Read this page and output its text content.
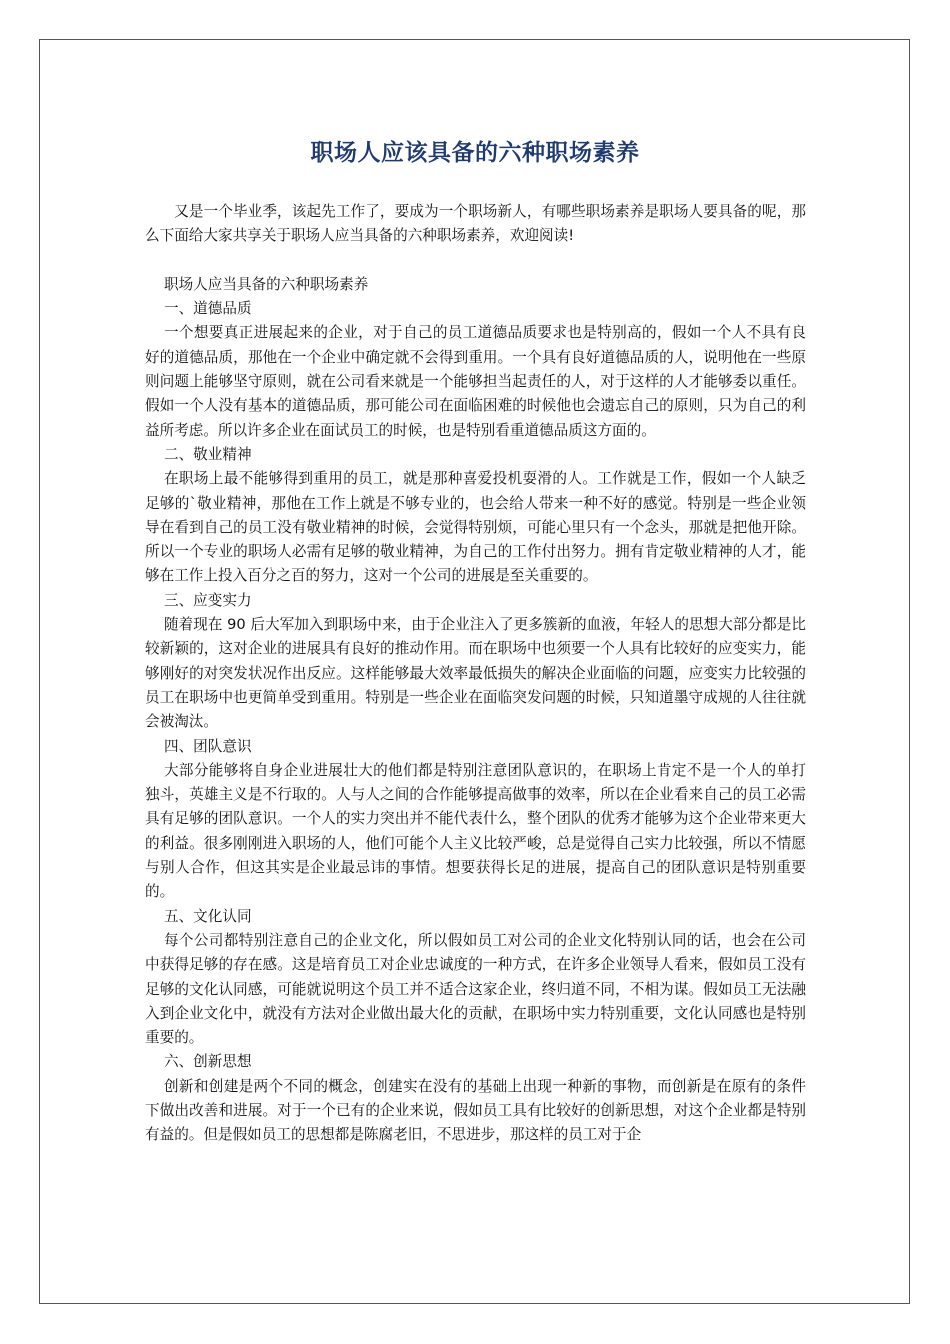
职场人应该具备的六种职场素养

又是一个毕业季，该起先工作了，要成为一个职场新人，有哪些职场素养是职场人要具备的呢，那么下面给大家共享关于职场人应当具备的六种职场素养，欢迎阅读!

职场人应当具备的六种职场素养

一、道德品质

一个想要真正进展起来的企业，对于自己的员工道德品质要求也是特别高的，假如一个人不具有良好的道德品质，那他在一个企业中确定就不会得到重用。一个具有良好道德品质的人，说明他在一些原则问题上能够坚守原则，就在公司看来就是一个能够担当起责任的人，对于这样的人才能够委以重任。假如一个人没有基本的道德品质，那可能公司在面临困难的时候他也会遗忘自己的原则，只为自己的利益所考虑。所以许多企业在面试员工的时候，也是特别看重道德品质这方面的。

二、敬业精神

在职场上最不能够得到重用的员工，就是那种喜爱投机耍滑的人。工作就是工作，假如一个人缺乏足够的`敬业精神，那他在工作上就是不够专业的，也会给人带来一种不好的感觉。特别是一些企业领导在看到自己的员工没有敬业精神的时候，会觉得特别烦，可能心里只有一个念头，那就是把他开除。所以一个专业的职场人必需有足够的敬业精神，为自己的工作付出努力。拥有肯定敬业精神的人才，能够在工作上投入百分之百的努力，这对一个公司的进展是至关重要的。

三、应变实力

随着现在 90 后大军加入到职场中来，由于企业注入了更多簇新的血液，年轻人的思想大部分都是比较新颖的，这对企业的进展具有良好的推动作用。而在职场中也须要一个人具有比较好的应变实力，能够刚好的对突发状况作出反应。这样能够最大效率最低损失的解决企业面临的问题，应变实力比较强的员工在职场中也更简单受到重用。特别是一些企业在面临突发问题的时候，只知道墨守成规的人往往就会被淘汰。

四、团队意识

大部分能够将自身企业进展壮大的他们都是特别注意团队意识的，在职场上肯定不是一个人的单打独斗，英雄主义是不行取的。人与人之间的合作能够提高做事的效率，所以在企业看来自己的员工必需具有足够的团队意识。一个人的实力突出并不能代表什么，整个团队的优秀才能够为这个企业带来更大的利益。很多刚刚进入职场的人，他们可能个人主义比较严峻，总是觉得自己实力比较强，所以不情愿与别人合作，但这其实是企业最忌讳的事情。想要获得长足的进展，提高自己的团队意识是特别重要的。

五、文化认同

每个公司都特别注意自己的企业文化，所以假如员工对公司的企业文化特别认同的话，也会在公司中获得足够的存在感。这是培育员工对企业忠诚度的一种方式，在许多企业领导人看来，假如员工没有足够的文化认同感，可能就说明这个员工并不适合这家企业，终归道不同，不相为谋。假如员工无法融入到企业文化中，就没有方法对企业做出最大化的贡献，在职场中实力特别重要，文化认同感也是特别重要的。

六、创新思想

创新和创建是两个不同的概念，创建实在没有的基础上出现一种新的事物，而创新是在原有的条件下做出改善和进展。对于一个已有的企业来说，假如员工具有比较好的创新思想，对这个企业都是特别有益的。但是假如员工的思想都是陈腐老旧，不思进步，那这样的员工对于企
